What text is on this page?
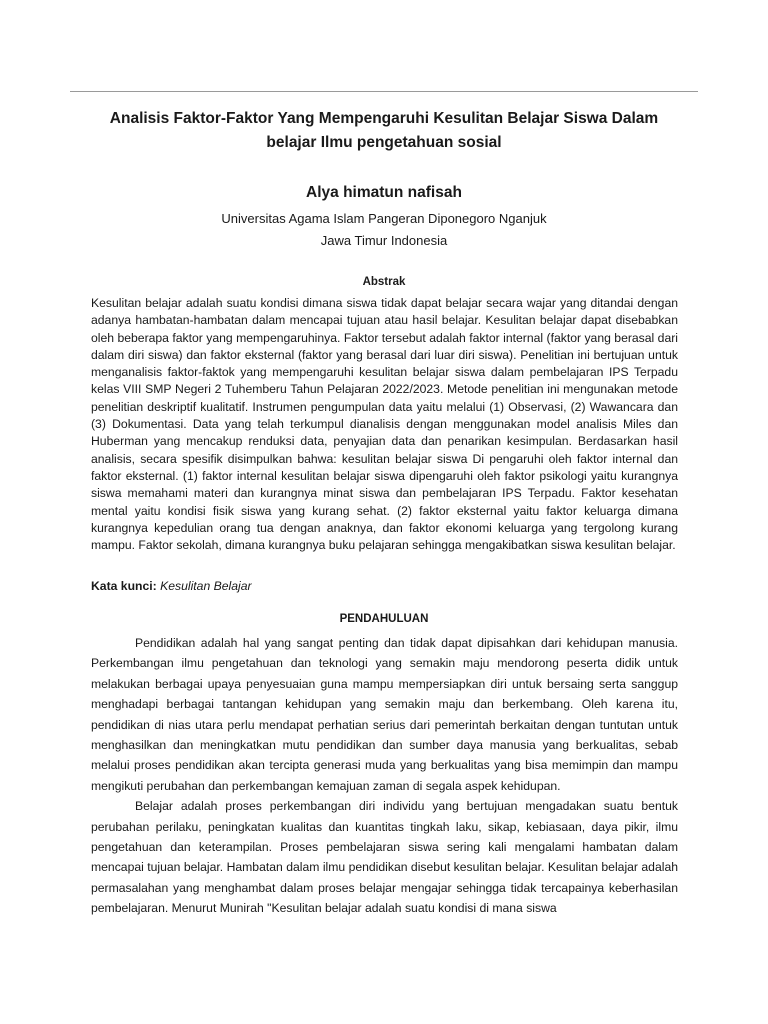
Analisis Faktor-Faktor Yang Mempengaruhi Kesulitan Belajar Siswa Dalam belajar Ilmu pengetahuan sosial
Alya himatun nafisah
Universitas Agama Islam Pangeran Diponegoro Nganjuk
Jawa Timur Indonesia
Abstrak

Kesulitan belajar adalah suatu kondisi dimana siswa tidak dapat belajar secara wajar yang ditandai dengan adanya hambatan-hambatan dalam mencapai tujuan atau hasil belajar. Kesulitan belajar dapat disebabkan oleh beberapa faktor yang mempengaruhinya. Faktor tersebut adalah faktor internal (faktor yang berasal dari dalam diri siswa) dan faktor eksternal (faktor yang berasal dari luar diri siswa). Penelitian ini bertujuan untuk menganalisis faktor-faktok yang mempengaruhi kesulitan belajar siswa dalam pembelajaran IPS Terpadu kelas VIII SMP Negeri 2 Tuhemberu Tahun Pelajaran 2022/2023. Metode penelitian ini mengunakan metode penelitian deskriptif kualitatif. Instrumen pengumpulan data yaitu melalui (1) Observasi, (2) Wawancara dan (3) Dokumentasi. Data yang telah terkumpul dianalisis dengan menggunakan model analisis Miles dan Huberman yang mencakup renduksi data, penyajian data dan penarikan kesimpulan. Berdasarkan hasil analisis, secara spesifik disimpulkan bahwa: kesulitan belajar siswa Di pengaruhi oleh faktor internal dan faktor eksternal. (1) faktor internal kesulitan belajar siswa dipengaruhi oleh faktor psikologi yaitu kurangnya siswa memahami materi dan kurangnya minat siswa dan pembelajaran IPS Terpadu. Faktor kesehatan mental yaitu kondisi fisik siswa yang kurang sehat. (2) faktor eksternal yaitu faktor keluarga dimana kurangnya kepedulian orang tua dengan anaknya, dan faktor ekonomi keluarga yang tergolong kurang mampu. Faktor sekolah, dimana kurangnya buku pelajaran sehingga mengakibatkan siswa kesulitan belajar.

Kata kunci: Kesulitan Belajar
PENDAHULUAN

Pendidikan adalah hal yang sangat penting dan tidak dapat dipisahkan dari kehidupan manusia. Perkembangan ilmu pengetahuan dan teknologi yang semakin maju mendorong peserta didik untuk melakukan berbagai upaya penyesuaian guna mampu mempersiapkan diri untuk bersaing serta sanggup menghadapi berbagai tantangan kehidupan yang semakin maju dan berkembang. Oleh karena itu, pendidikan di nias utara perlu mendapat perhatian serius dari pemerintah berkaitan dengan tuntutan untuk menghasilkan dan meningkatkan mutu pendidikan dan sumber daya manusia yang berkualitas, sebab melalui proses pendidikan akan tercipta generasi muda yang berkualitas yang bisa memimpin dan mampu mengikuti perubahan dan perkembangan kemajuan zaman di segala aspek kehidupan.

Belajar adalah proses perkembangan diri individu yang bertujuan mengadakan suatu bentuk perubahan perilaku, peningkatan kualitas dan kuantitas tingkah laku, sikap, kebiasaan, daya pikir, ilmu pengetahuan dan keterampilan. Proses pembelajaran siswa sering kali mengalami hambatan dalam mencapai tujuan belajar. Hambatan dalam ilmu pendidikan disebut kesulitan belajar. Kesulitan belajar adalah permasalahan yang menghambat dalam proses belajar mengajar sehingga tidak tercapainya keberhasilan pembelajaran. Menurut Munirah "Kesulitan belajar adalah suatu kondisi di mana siswa
